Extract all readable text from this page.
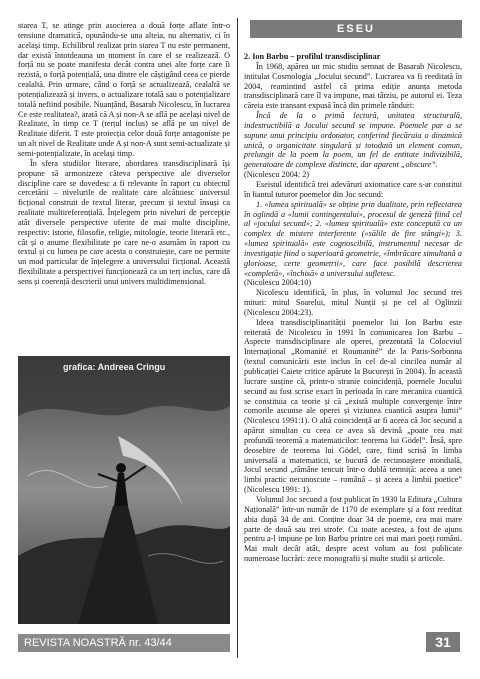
starea T, se atinge prin asocierea a două forțe aflate într-o tensiune dramatică, opunându-se una alteia, nu alternativ, ci în același timp. Echilibrul realizat prin starea T nu este permanent, dar există întotdeauna un moment în care el se realizează. O forță nu se poate manifesta decât contra unei alte forțe care îi rezistă, o forță potențială, una dintre ele câștigând ceea ce pierde cealaltă. Prin urmare, când o forță se actualizează, cealaltă se potențializează și invers, o actualizare totală sau o potențializare totală nefiind posibile. Nuanțând, Basarab Nicolescu, în lucrarea Ce este realitatea?, arată că A și non-A se află pe același nivel de Realitate, în timp ce T (terțul inclus) se află pe un nivel de Realitate diferit. T este proiecția celor două forțe antagoniste pe un alt nivel de Realitate unde A și non-A sunt semi-actualizate și semi-potențializate, în același timp.

În sfera studiilor literare, abordarea transdisciplinară își propune să armonizeze câteva perspective ale diverselor discipline care se dovedesc a fi relevante în raport cu obiectul cercetării – nivelurile de realitate care alcătuiesc universul ficțional construit de textul literar, precum și textul însuși ca realitate multireferențială. Înțelegem prin niveluri de percepție atât diversele perspective oferite de mai multe discipline, respectiv: istorie, filosofie, religie, mitologie, teorie literară etc., cât și o anume flexibilitate pe care ne-o asumăm în raport cu textul și cu lumea pe care acesta o construiește, care ne permite un mod particular de înțelegere a universului ficțional. Această flexibilitate a perspectivei funcționează ca un terț inclus, care dă sens și coerență descrierii unui univers multidimensional.

ESEU
grafica: Andreea Cringu

2. Ion Barbu – profilul transdisciplinar

În 1968, apărea un mic studiu semnat de Basarab Nicolescu, intitulat Cosmologia „Jocului secund”. Lucrarea va fi reeditată în 2004, reamintind astfel că prima ediție anunța metoda transdisciplinară care îl va impune, mai târziu, pe autorul ei. Teza căreia este transant expusă încă din primele rânduri:

Încă de la o primă lectură, unitatea structurală, indestructibilă a Jocului secund se impune. Poemele par a se supune unui principiu ordonator, conferind fiecăruia o dinamică unică, o organicitate singulară și totodată un element comun, prelungit de la poem la poem, un fel de entitate indivizibilă, generatoare de complexe distincte, dar aparent „obscure”.

(Nicolescu 2004: 2)

Eseistul identifică trei adevăruri axiomatice care s-ar constitui în liantul tuturor poemelor din Joc secund:

1. «lumea spirituală» se obține prin dualitate, prin reflectarea în oglindă a «lumii contingentului», procesul de geneză fiind cel al «jocului secund»; 2. «lumea spirituală» este concepută ca un complex de mistere interferente («sălile de fire stângi»); 3. «lumea spirituală» este cognoscibilă, instrumentul necesar de investigație fiind o superioară geometrie, «îmbrăcare simultană a glorioase, certe geometrii», care face posibilă descrierea «completă», «închisă» a universului sufletesc.

(Nicolescu 2004:10)

Nicolescu identifică, în plus, în volumul Joc secund trei mituri: mitul Soarelui, mitul Nunții și pe cel al Oglinzii (Nicolescu 2004:23).

Ideea transdisciplinarității poemelor lui Ion Barbu este reiterată de Nicolescu în 1991 în comunicarea Ion Barbu – Aspecte transdisciplinare ale operei, prezentată la Colocviul Internațional „Romanité et Roumanité” de la Paris-Sorbonna (textul comunicării este inclus în cel de-al cincilea număr al publicației Caiete critice apărute la București în 2004). În această lucrare susține că, printr-o stranie coincidență, poemele Jocului secund au fost scrise exact în perioada în care mecanica cuantică se constituia ca teorie și că „există multiple convergențe între comorile ascunse ale operei și viziunea cuantică asupra lumii” (Nicolescu 1991:1). O altă coincidență ar fi aceea că Joc secund a apărut simultan cu ceea ce avea să devină „poate cea mai profundă teoremă a matematicilor: teorema lui Gödel”. Însă, spre deosebire de teorema lui Gödel, care, fiind scrisă în limba universală a matematicii, se bucură de recunoaștere mondială, Jocul secund „rămâne tencuit într-o dublă temniță: aceea a unei limbi practic necunoscute – română – și aceea a limbii poetice” (Nicolescu 1991: 1).

Volumul Joc secund a fost publicat în 1930 la Editura „Cultura Națională” într-un număr de 1170 de exemplare și a fost reeditat abia după 34 de ani. Conține doar 34 de poeme, cea mai mare parte de două sau trei strofe. Cu toate acestea, a fost de ajuns pentru a-l impune pe Ion Barbu printre cei mai mari poeți români. Mai mult decât atât, despre acest volum au fost publicate numeroase lucrări: zece monografii și multe studii și articole.

REVISTA NOASTRĂ nr. 43/44	31
